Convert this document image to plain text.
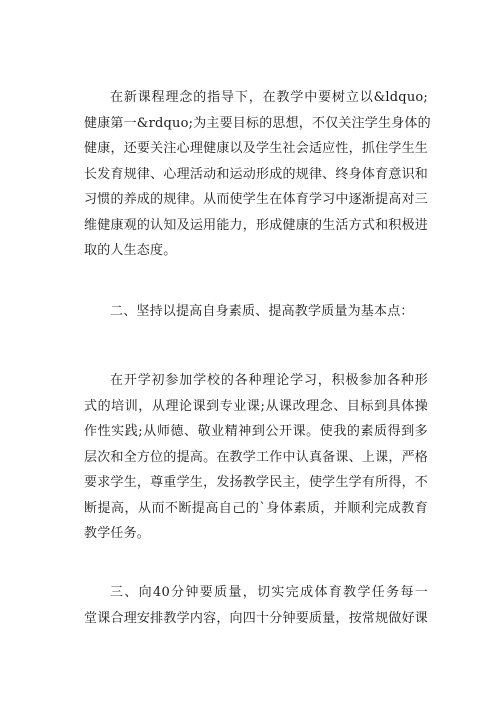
在新课程理念的指导下，在教学中要树立以&ldquo;
健康第一&rdquo;为主要目标的思想，不仅关注学生身体的
健康，还要关注心理健康以及学生社会适应性，抓住学生生
长发育规律、心理活动和运动形成的规律、终身体育意识和
习惯的养成的规律。从而使学生在体育学习中逐渐提高对三
维健康观的认知及运用能力，形成健康的生活方式和积极进
取的人生态度。

二、坚持以提高自身素质、提高教学质量为基本点：

在开学初参加学校的各种理论学习，积极参加各种形
式的培训，从理论课到专业课;从课改理念、目标到具体操
作性实践;从师德、敬业精神到公开课。使我的素质得到多
层次和全方位的提高。在教学工作中认真备课、上课，严格
要求学生，尊重学生，发扬教学民主，使学生学有所得，不
断提高，从而不断提高自己的`身体素质，并顺利完成教育
教学任务。

三、向40分钟要质量，切实完成体育教学任务每一
堂课合理安排教学内容，向四十分钟要质量，按常规做好课
